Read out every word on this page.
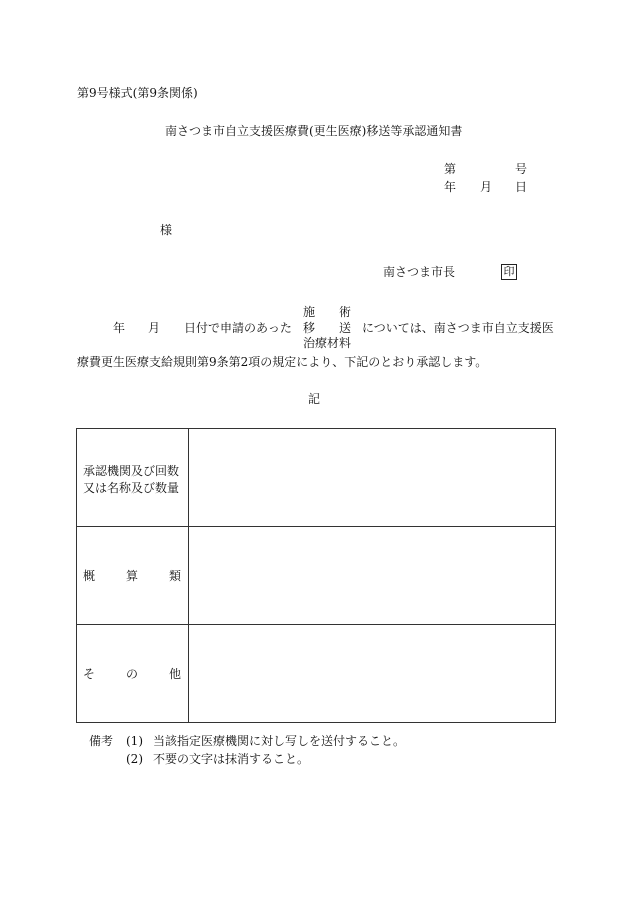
第9号様式(第9条関係)
南さつま市自立支援医療費(更生医療)移送等承認通知書
第	号
年 月 日
様
南さつま市長	印
年 月 日付で申請のあった
施 術
移 送
治療材料
については、南さつま市自立支援医
療費更生医療支給規則第9条第2項の規定により、下記のとおり承認します。
記
承認機関及び回数
又は名称及び数量
概	算	類
そ	の	他
備考 (1) 当該指定医療機関に対し写しを送付すること。
(2) 不要の文字は抹消すること。
